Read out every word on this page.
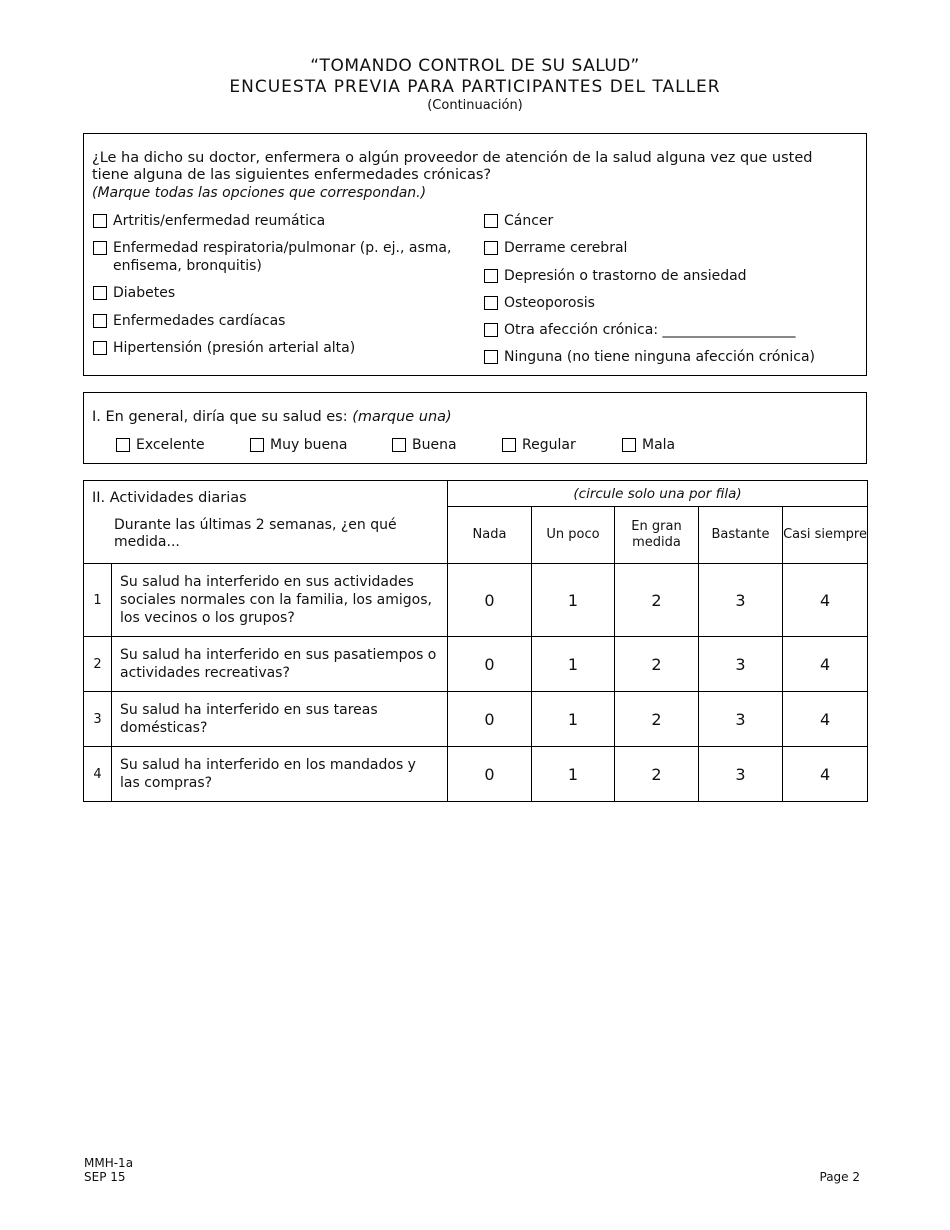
“TOMANDO CONTROL DE SU SALUD”
ENCUESTA PREVIA PARA PARTICIPANTES DEL TALLER
(Continuación)
¿Le ha dicho su doctor, enfermera o algún proveedor de atención de la salud alguna vez que usted tiene alguna de las siguientes enfermedades crónicas?
(Marque todas las opciones que correspondan.)
Artritis/enfermedad reumática
Enfermedad respiratoria/pulmonar (p. ej., asma, enfisema, bronquitis)
Diabetes
Enfermedades cardíacas
Hipertensión (presión arterial alta)
Cáncer
Derrame cerebral
Depresión o trastorno de ansiedad
Osteoporosis
Otra afección crónica: ___________________
Ninguna (no tiene ninguna afección crónica)
I. En general, diría que su salud es: (marque una)
Excelente	Muy buena	Buena	Regular	Mala
II. Actividades diarias
Durante las últimas 2 semanas, ¿en qué medida...		(circule solo una por fila)				
		Nada	Un poco	En gran medida	Bastante	Casi siempre
1	Su salud ha interferido en sus actividades sociales normales con la familia, los amigos, los vecinos o los grupos?	0	1	2	3	4
2	Su salud ha interferido en sus pasatiempos o actividades recreativas?	0	1	2	3	4
3	Su salud ha interferido en sus tareas domésticas?	0	1	2	3	4
4	Su salud ha interferido en los mandados y las compras?	0	1	2	3	4
MMH-1a
SEP 15	Page 2
